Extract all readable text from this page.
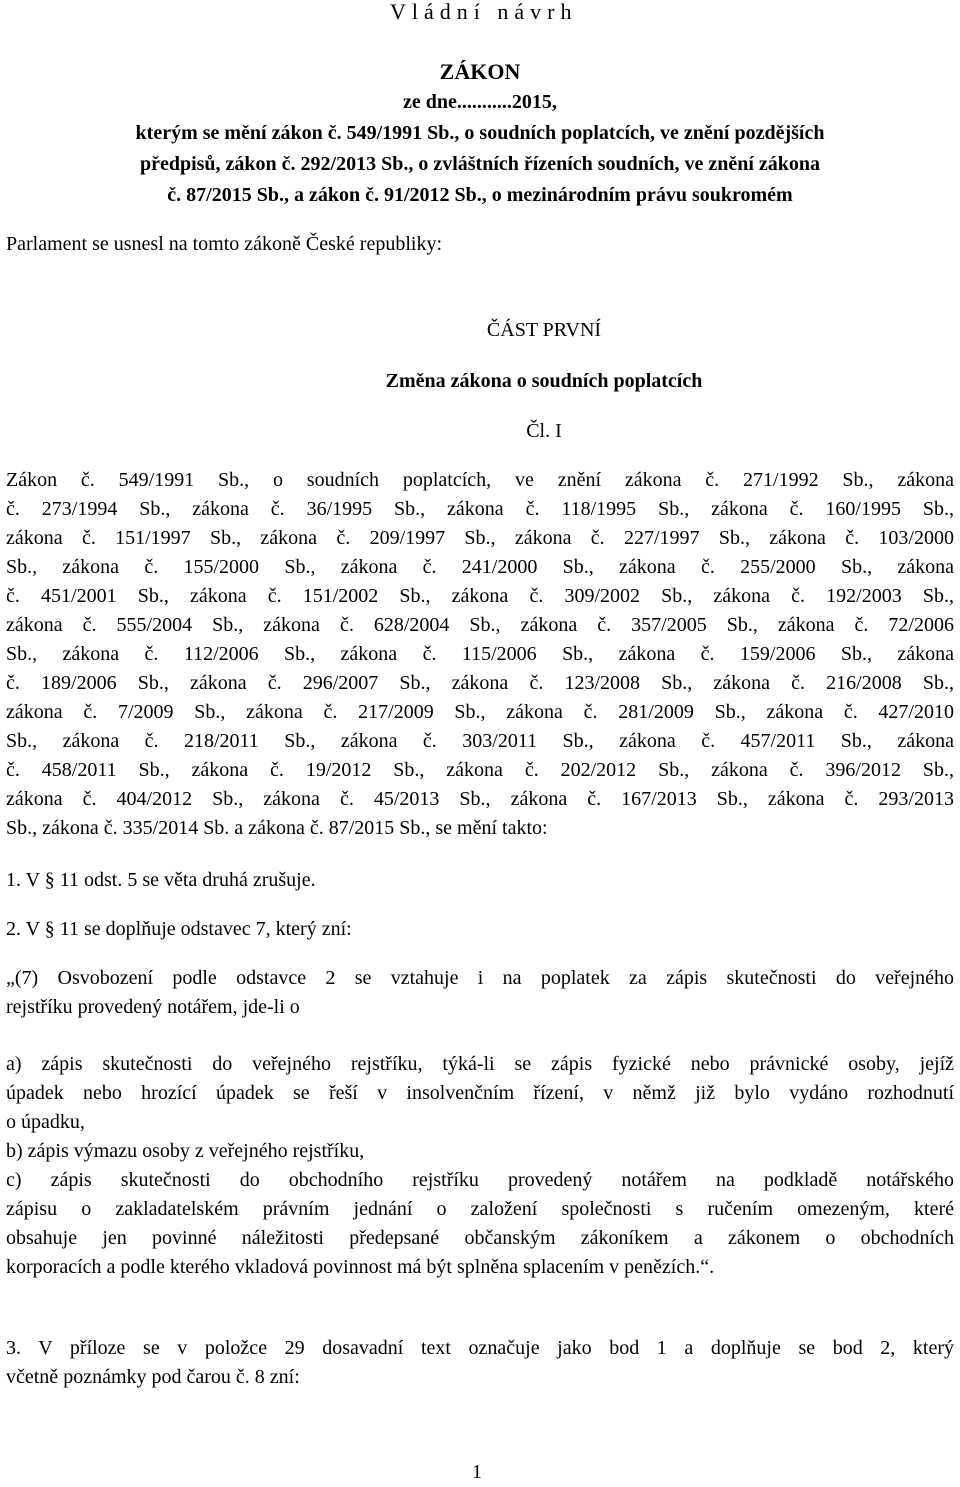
Vládní návrh
ZÁKON
ze dne...........2015,
kterým se mění zákon č. 549/1991 Sb., o soudních poplatcích, ve znění pozdějších
předpisů, zákon č. 292/2013 Sb., o zvláštních řízeních soudních, ve znění zákona
č. 87/2015 Sb., a zákon č. 91/2012 Sb., o mezinárodním právu soukromém
Parlament se usnesl na tomto zákoně České republiky:
ČÁST PRVNÍ
Změna zákona o soudních poplatcích
Čl. I
Zákon č. 549/1991 Sb., o soudních poplatcích, ve znění zákona č. 271/1992 Sb., zákona
č. 273/1994 Sb., zákona č. 36/1995 Sb., zákona č. 118/1995 Sb., zákona č. 160/1995 Sb.,
zákona č. 151/1997 Sb., zákona č. 209/1997 Sb., zákona č. 227/1997 Sb., zákona č. 103/2000
Sb., zákona č. 155/2000 Sb., zákona č. 241/2000 Sb., zákona č. 255/2000 Sb., zákona
č. 451/2001 Sb., zákona č. 151/2002 Sb., zákona č. 309/2002 Sb., zákona č. 192/2003 Sb.,
zákona č. 555/2004 Sb., zákona č. 628/2004 Sb., zákona č. 357/2005 Sb., zákona č. 72/2006
Sb., zákona č. 112/2006 Sb., zákona č. 115/2006 Sb., zákona č. 159/2006 Sb., zákona
č. 189/2006 Sb., zákona č. 296/2007 Sb., zákona č. 123/2008 Sb., zákona č. 216/2008 Sb.,
zákona č. 7/2009 Sb., zákona č. 217/2009 Sb., zákona č. 281/2009 Sb., zákona č. 427/2010
Sb., zákona č. 218/2011 Sb., zákona č. 303/2011 Sb., zákona č. 457/2011 Sb., zákona
č. 458/2011 Sb., zákona č. 19/2012 Sb., zákona č. 202/2012 Sb., zákona č. 396/2012 Sb.,
zákona č. 404/2012 Sb., zákona č. 45/2013 Sb., zákona č. 167/2013 Sb., zákona č. 293/2013
Sb., zákona č. 335/2014 Sb. a zákona č. 87/2015 Sb., se mění takto:
1. V § 11 odst. 5 se věta druhá zrušuje.
2. V § 11 se doplňuje odstavec 7, který zní:
„(7) Osvobození podle odstavce 2 se vztahuje i na poplatek za zápis skutečnosti do veřejného
rejstříku provedený notářem, jde-li o
a) zápis skutečnosti do veřejného rejstříku, týká-li se zápis fyzické nebo právnické osoby, jejíž
úpadek nebo hrozící úpadek se řeší v insolvenčním řízení, v němž již bylo vydáno rozhodnutí
o úpadku,
b) zápis výmazu osoby z veřejného rejstříku,
c) zápis skutečnosti do obchodního rejstříku provedený notářem na podkladě notářského
zápisu o zakladatelském právním jednání o založení společnosti s ručením omezeným, které
obsahuje jen povinné náležitosti předepsané občanským zákoníkem a zákonem o obchodních
korporacích a podle kterého vkladová povinnost má být splněna splacením v penězích.“.
3. V příloze se v položce 29 dosavadní text označuje jako bod 1 a doplňuje se bod 2, který
včetně poznámky pod čarou č. 8 zní:
1
